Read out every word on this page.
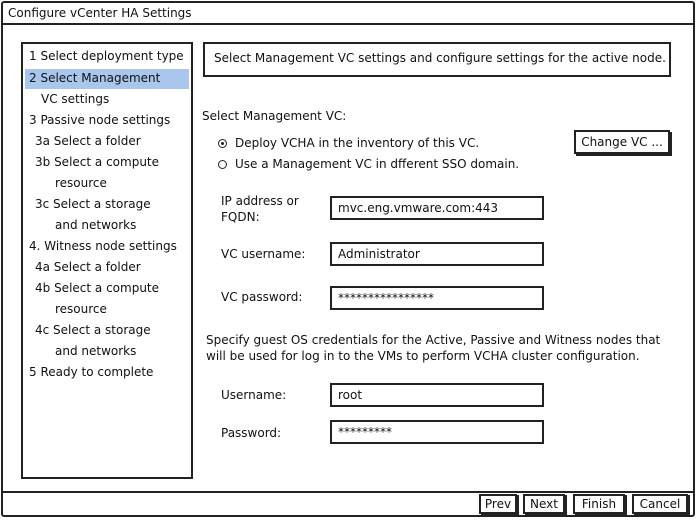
Configure vCenter HA Settings
1 Select deployment type
2 Select Management
VC settings
3 Passive node settings
3a Select a folder
3b Select a compute
resource
3c Select a storage
and networks
4. Witness node settings
4a Select a folder
4b Select a compute
resource
4c Select a storage
and networks
5 Ready to complete
Select Management VC settings and configure settings for the active node.
Select Management VC:
Deploy VCHA in the inventory of this VC.
Use a Management VC in dfferent SSO domain.
Change VC ...
IP address or
FQDN:
mvc.eng.vmware.com:443
VC username:
Administrator
VC password:
****************
Specify guest OS credentials for the Active, Passive and Witness nodes that
will be used for log in to the VMs to perform VCHA cluster configuration.
Username:
root
Password:
*********
Prev	Next	Finish	Cancel
